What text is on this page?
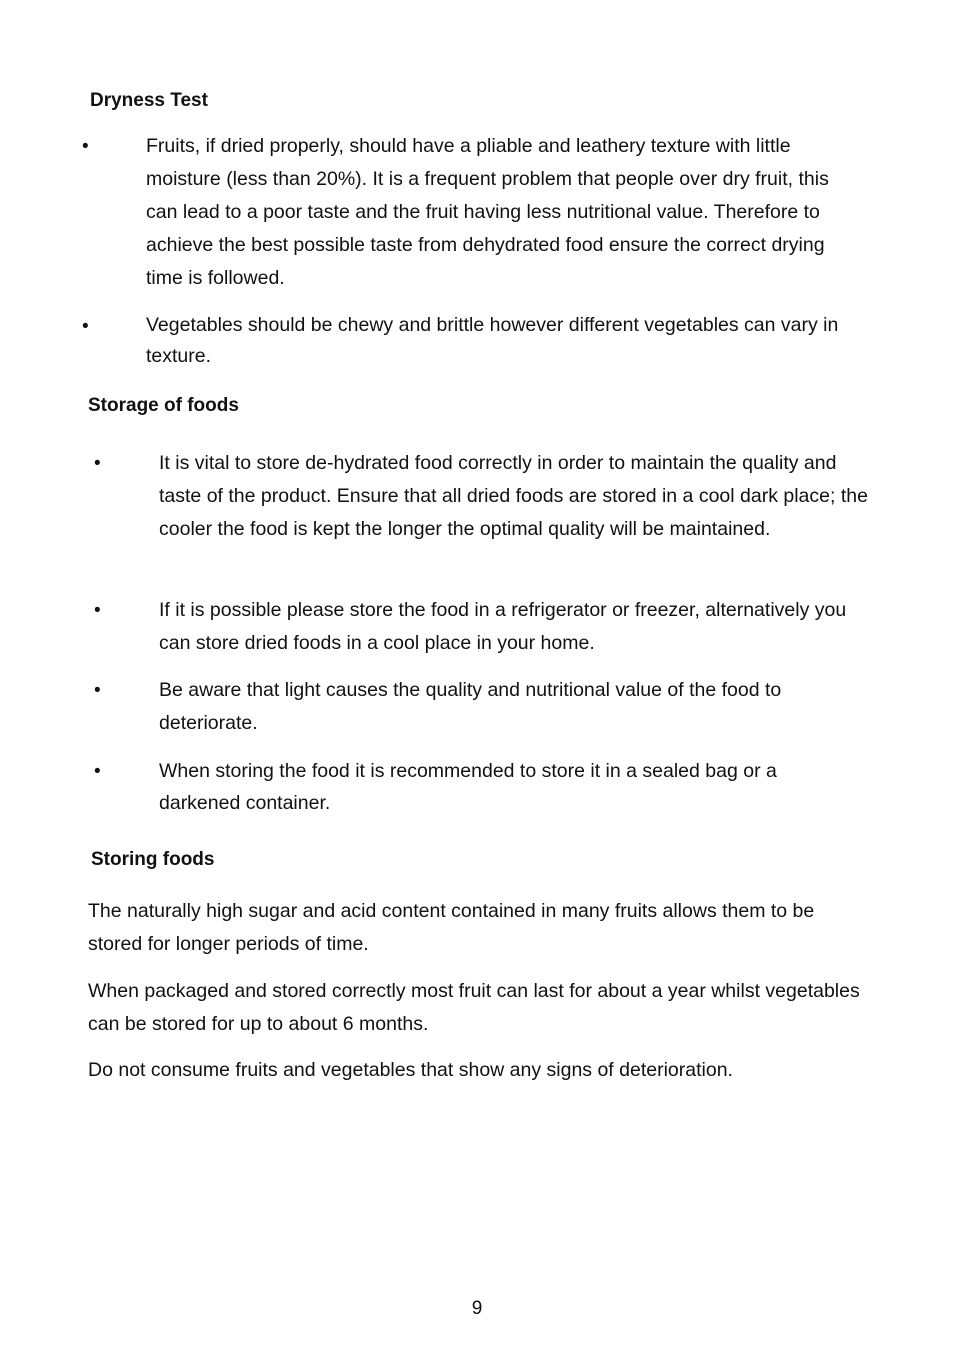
Dryness Test
•	Fruits, if dried properly, should have a pliable and leathery texture with little moisture (less than 20%). It is a frequent problem that people over dry fruit, this can lead to a poor taste and the fruit having less nutritional value. Therefore to achieve the best possible taste from dehydrated food ensure the correct drying time is followed.

•	Vegetables should be chewy and brittle however different vegetables can vary in texture.

Storage of foods
•	It is vital to store de-hydrated food correctly in order to maintain the quality and taste of the product. Ensure that all dried foods are stored in a cool dark place; the cooler the food is kept the longer the optimal quality will be maintained.

•	If it is possible please store the food in a refrigerator or freezer, alternatively you can store dried foods in a cool place in your home.

•	Be aware that light causes the quality and nutritional value of the food to deteriorate.

•	When storing the food it is recommended to store it in a sealed bag or a darkened container.

Storing foods

The naturally high sugar and acid content contained in many fruits allows them to be stored for longer periods of time.

When packaged and stored correctly most fruit can last for about a year whilst vegetables can be stored for up to about 6 months.

Do not consume fruits and vegetables that show any signs of deterioration.

9
